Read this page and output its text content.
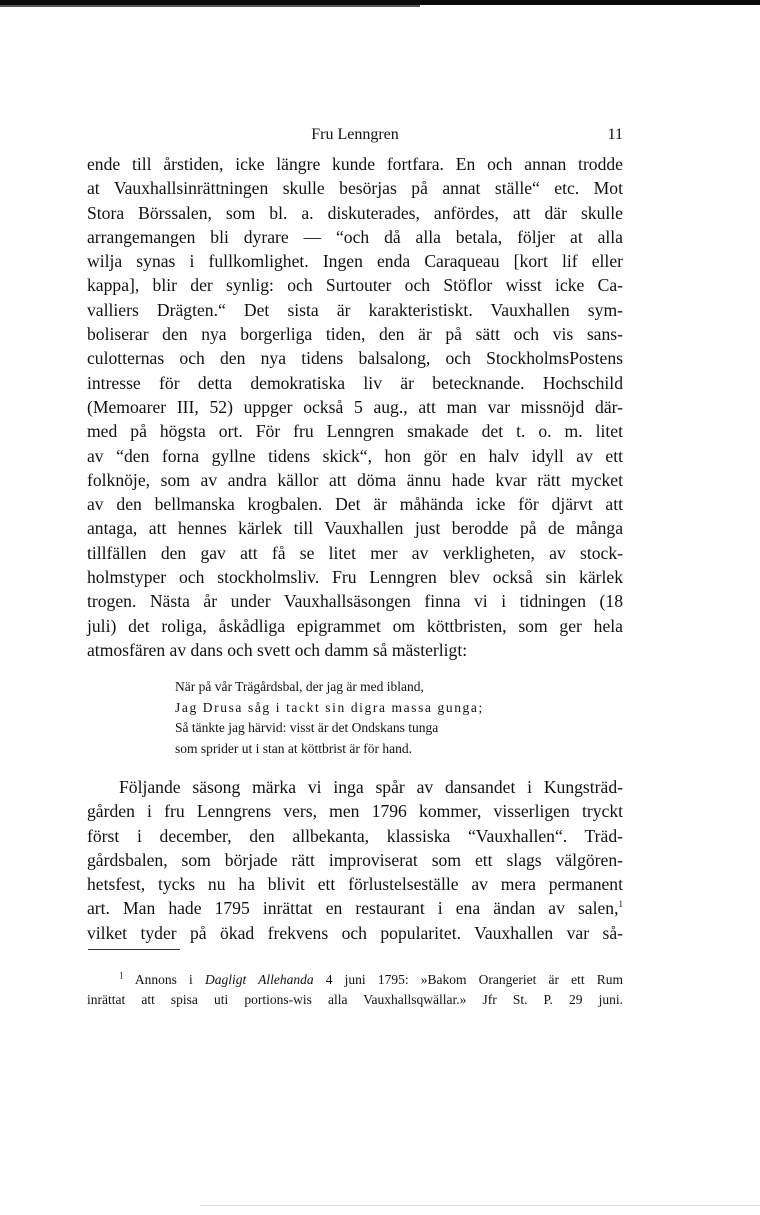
Fru Lenngren	11
ende till årstiden, icke längre kunde fortfara. En och annan trodde
at Vauxhallsinrättningen skulle besörjas på annat ställe“ etc. Mot
Stora Börssalen, som bl. a. diskuterades, anfördes, att där skulle
arrangemangen bli dyrare — “och då alla betala, följer at alla
wilja synas i fullkomlighet. Ingen enda Caraqueau [kort lif eller
kappa], blir der synlig: och Surtouter och Stöflor wisst icke Ca-
valliers Drägten.“ Det sista är karakteristiskt. Vauxhallen sym-
boliserar den nya borgerliga tiden, den är på sätt och vis sans-
culotternas och den nya tidens balsalong, och StockholmsPostens
intresse för detta demokratiska liv är betecknande. Hochschild
(Memoarer III, 52) uppger också 5 aug., att man var missnöjd där-
med på högsta ort. För fru Lenngren smakade det t. o. m. litet
av “den forna gyllne tidens skick“, hon gör en halv idyll av ett
folknöje, som av andra källor att döma ännu hade kvar rätt mycket
av den bellmanska krogbalen. Det är måhända icke för djärvt att
antaga, att hennes kärlek till Vauxhallen just berodde på de många
tillfällen den gav att få se litet mer av verkligheten, av stock-
holmstyper och stockholmsliv. Fru Lenngren blev också sin kärlek
trogen. Nästa år under Vauxhallsäsongen finna vi i tidningen (18
juli) det roliga, åskådliga epigrammet om köttbristen, som ger hela
atmosfären av dans och svett och damm så mästerligt:
När på vår Trägårdsbal, der jag är med ibland,
Jag Drusa såg i tackt sin digra massa gunga;
Så tänkte jag härvid: visst är det Ondskans tunga
som sprider ut i stan at köttbrist är för hand.
Följande säsong märka vi inga spår av dansandet i Kungsträd-
gården i fru Lenngrens vers, men 1796 kommer, visserligen tryckt
först i december, den allbekanta, klassiska “Vauxhallen“. Träd-
gårdsbalen, som började rätt improviserat som ett slags välgören-
hetsfest, tycks nu ha blivit ett förlustelseställe av mera permanent
art. Man hade 1795 inrättat en restaurant i ena ändan av salen,$^1$
vilket tyder på ökad frekvens och popularitet. Vauxhallen var så-
$^1$ Annons i Dagligt Allehanda 4 juni 1795: »Bakom Orangeriet är ett Rum
inrättat att spisa uti portions-wis alla Vauxhallsqwällar.» Jfr St. P. 29 juni.
